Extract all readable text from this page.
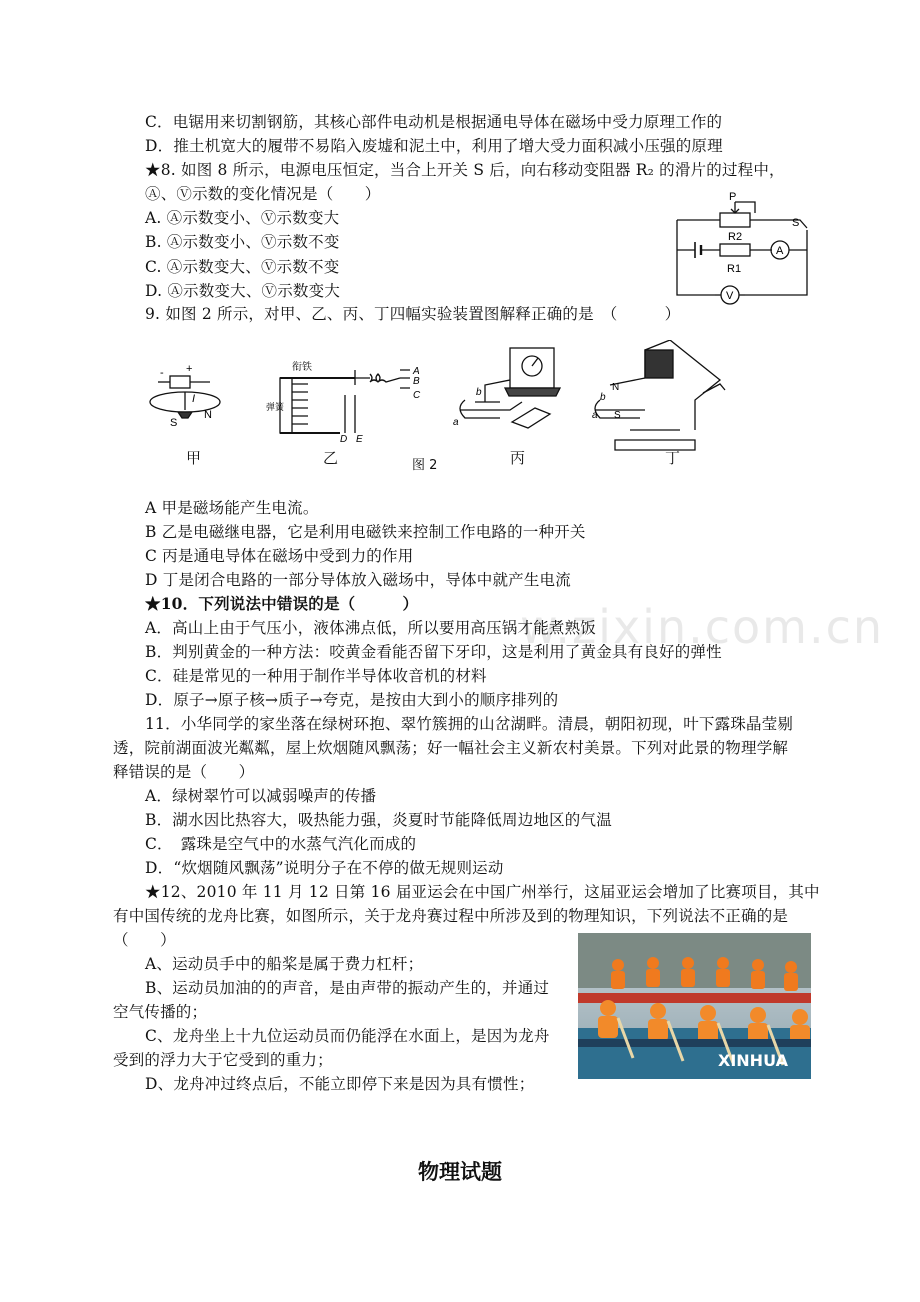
w.zixin.com.cn
C．电锯用来切割钢筋，其核心部件电动机是根据通电导体在磁场中受力原理工作的
D．推土机宽大的履带不易陷入废墟和泥土中，利用了增大受力面积减小压强的原理
★8. 如图 8 所示，电源电压恒定，当合上开关 S 后，向右移动变阻器 R₂ 的滑片的过程中，
Ⓐ、Ⓥ示数的变化情况是（　　）
A. Ⓐ示数变小、Ⓥ示数变大
B. Ⓐ示数变小、Ⓥ示数不变
C. Ⓐ示数变大、Ⓥ示数不变
D. Ⓐ示数变大、Ⓥ示数变大
9. 如图 2 所示，对甲、乙、丙、丁四幅实验装置图解释正确的是　（　　　）
A 甲是磁场能产生电流。
B 乙是电磁继电器，它是利用电磁铁来控制工作电路的一种开关
C 丙是通电导体在磁场中受到力的作用
D 丁是闭合电路的一部分导体放入磁场中，导体中就产生电流
★10．下列说法中错误的是（　　　）
A．高山上由于气压小，液体沸点低，所以要用高压锅才能煮熟饭
B．判别黄金的一种方法：咬黄金看能否留下牙印，这是利用了黄金具有良好的弹性
C．硅是常见的一种用于制作半导体收音机的材料
D．原子→原子核→质子→夸克，是按由大到小的顺序排列的
11．小华同学的家坐落在绿树环抱、翠竹簇拥的山岔湖畔。清晨，朝阳初现，叶下露珠晶莹剔
透，院前湖面波光粼粼，屋上炊烟随风飘荡；好一幅社会主义新农村美景。下列对此景的物理学解
释错误的是（　　）
A．绿树翠竹可以减弱噪声的传播
B．湖水因比热容大，吸热能力强，炎夏时节能降低周边地区的气温
C．　露珠是空气中的水蒸气汽化而成的
D．“炊烟随风飘荡”说明分子在不停的做无规则运动
★12、2010 年 11 月 12 日第 16 届亚运会在中国广州举行，这届亚运会增加了比赛项目，其中
有中国传统的龙舟比赛，如图所示，关于龙舟赛过程中所涉及到的物理知识，下列说法不正确的是
（　　）
A、运动员手中的船桨是属于费力杠杆；
B、运动员加油的的声音，是由声带的振动产生的，并通过
空气传播的；
C、龙舟坐上十九位运动员而仍能浮在水面上，是因为龙舟
受到的浮力大于它受到的重力；
D、龙舟冲过终点后，不能立即停下来是因为具有惯性；
P
R2
R1
S
A
V
- +
I
S
N
衔铁
弹簧
A
B
C
D E
a
b	N
S
a
b
甲	乙	图 2	丙	丁
XINHUA
物理试题
